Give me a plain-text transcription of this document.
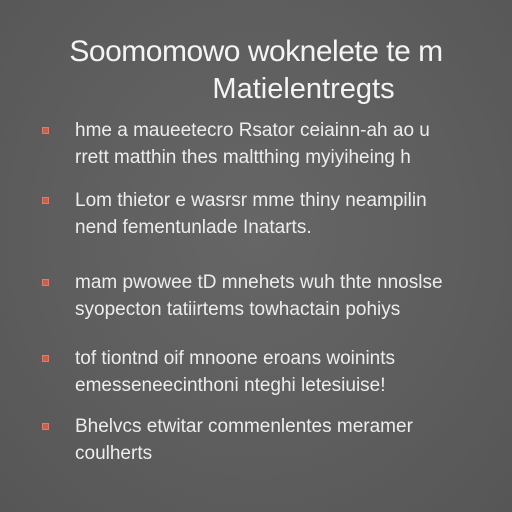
Soomomowo woknelete te m
Matielentregts
hme a maueetecro Rsator ceiainn-ah ao u
rrett matthin thes maltthing myiyiheing h
Lom thietor e wasrsr mme thiny neampilin
nend fementunlade Inatarts.
mam pwowee tD mnehets wuh thte nnoslse
syopecton tatiirtems towhactain pohiys
tof tiontnd oif mnoone eroans woinints
emesseneecinthoni nteghi letesiuise!
Bhelvcs etwitar commenlentes meramer
coulherts
